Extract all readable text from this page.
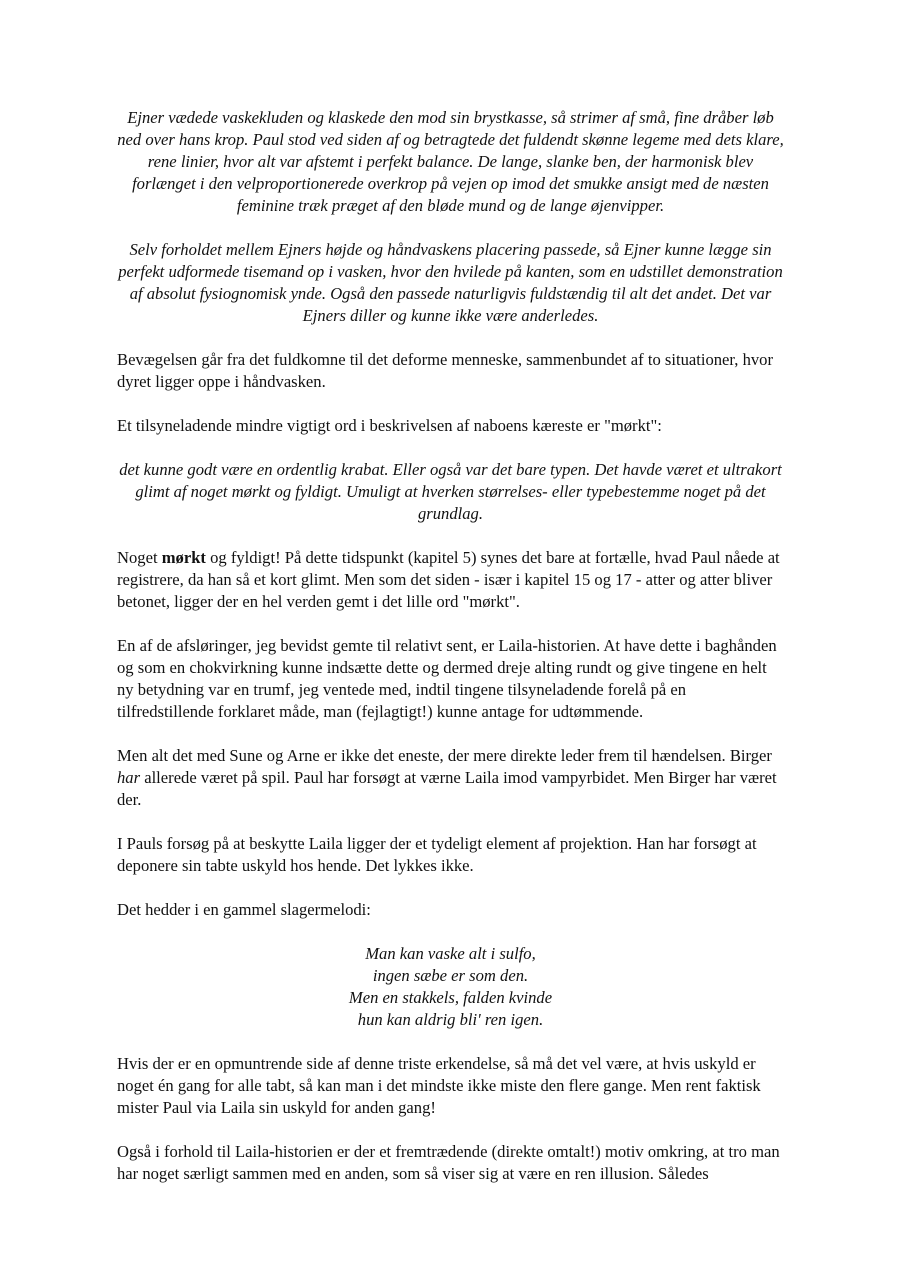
Ejner vædede vaskekluden og klaskede den mod sin brystkasse, så strimer af små, fine dråber løb ned over hans krop. Paul stod ved siden af og betragtede det fuldendt skønne legeme med dets klare, rene linier, hvor alt var afstemt i perfekt balance. De lange, slanke ben, der harmonisk blev forlænget i den velproportionerede overkrop på vejen op imod det smukke ansigt med de næsten feminine træk præget af den bløde mund og de lange øjenvipper.

Selv forholdet mellem Ejners højde og håndvaskens placering passede, så Ejner kunne lægge sin perfekt udformede tisemand op i vasken, hvor den hvilede på kanten, som en udstillet demonstration af absolut fysiognomisk ynde. Også den passede naturligvis fuldstændig til alt det andet. Det var Ejners diller og kunne ikke være anderledes.

Bevægelsen går fra det fuldkomne til det deforme menneske, sammenbundet af to situationer, hvor dyret ligger oppe i håndvasken.

Et tilsyneladende mindre vigtigt ord i beskrivelsen af naboens kæreste er "mørkt":

det kunne godt være en ordentlig krabat. Eller også var det bare typen. Det havde været et ultrakort glimt af noget mørkt og fyldigt. Umuligt at hverken størrelses- eller typebestemme noget på det grundlag.

Noget mørkt og fyldigt! På dette tidspunkt (kapitel 5) synes det bare at fortælle, hvad Paul nåede at registrere, da han så et kort glimt. Men som det siden - især i kapitel 15 og 17 - atter og atter bliver betonet, ligger der en hel verden gemt i det lille ord "mørkt".

En af de afsløringer, jeg bevidst gemte til relativt sent, er Laila-historien. At have dette i baghånden og som en chokvirkning kunne indsætte dette og dermed dreje alting rundt og give tingene en helt ny betydning var en trumf, jeg ventede med, indtil tingene tilsyneladende forelå på en tilfredstillende forklaret måde, man (fejlagtigt!) kunne antage for udtømmende.

Men alt det med Sune og Arne er ikke det eneste, der mere direkte leder frem til hændelsen. Birger har allerede været på spil. Paul har forsøgt at værne Laila imod vampyrbidet. Men Birger har været der.

I Pauls forsøg på at beskytte Laila ligger der et tydeligt element af projektion. Han har forsøgt at deponere sin tabte uskyld hos hende. Det lykkes ikke.

Det hedder i en gammel slagermelodi:

Man kan vaske alt i sulfo,
ingen sæbe er som den.
Men en stakkels, falden kvinde
hun kan aldrig bli' ren igen.

Hvis der er en opmuntrende side af denne triste erkendelse, så må det vel være, at hvis uskyld er noget én gang for alle tabt, så kan man i det mindste ikke miste den flere gange. Men rent faktisk mister Paul via Laila sin uskyld for anden gang!

Også i forhold til Laila-historien er der et fremtrædende (direkte omtalt!) motiv omkring, at tro man har noget særligt sammen med en anden, som så viser sig at være en ren illusion. Således
